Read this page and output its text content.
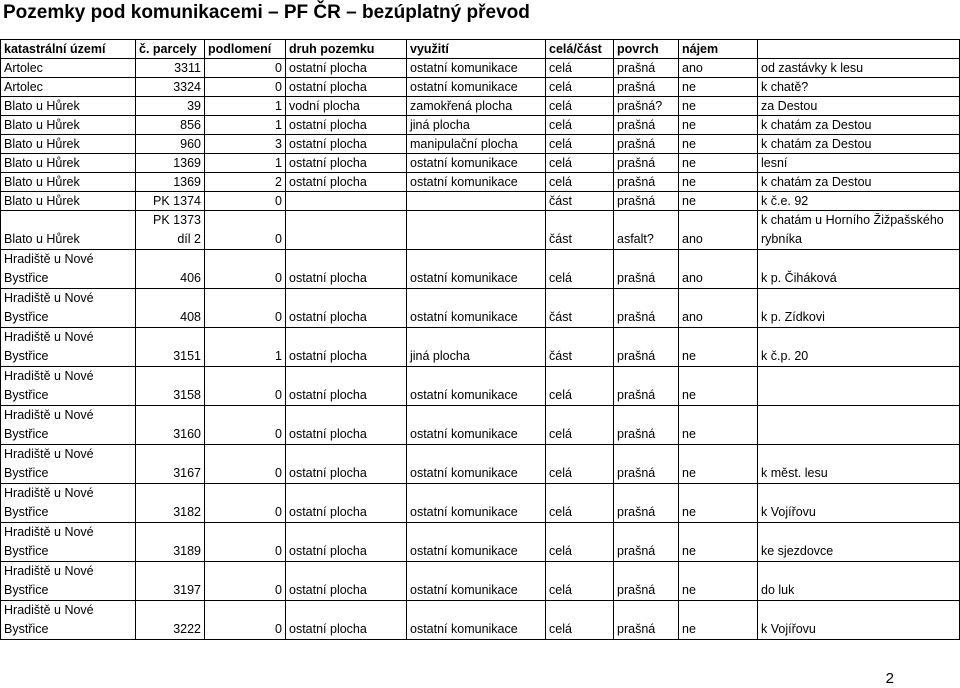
Pozemky pod komunikacemi – PF ČR – bezúplatný převod
katastrální území	č. parcely	podlomení	druh pozemku	využití	celá/část	povrch	nájem	
Artolec	3311	0	ostatní plocha	ostatní komunikace	celá	prašná	ano	od zastávky k lesu
Artolec	3324	0	ostatní plocha	ostatní komunikace	celá	prašná	ne	k chatě?
Blato u Hůrek	39	1	vodní plocha	zamokřená plocha	celá	prašná?	ne	za Destou
Blato u Hůrek	856	1	ostatní plocha	jiná plocha	celá	prašná	ne	k chatám za Destou
Blato u Hůrek	960	3	ostatní plocha	manipulační plocha	celá	prašná	ne	k chatám za Destou
Blato u Hůrek	1369	1	ostatní plocha	ostatní komunikace	celá	prašná	ne	lesní
Blato u Hůrek	1369	2	ostatní plocha	ostatní komunikace	celá	prašná	ne	k chatám za Destou
Blato u Hůrek	PK 1374	0			část	prašná	ne	k č.e. 92
Blato u Hůrek	PK 1373 díl 2	0			část	asfalt?	ano	k chatám u Horního Žižpašského rybníka
Hradiště u Nové Bystřice	406	0	ostatní plocha	ostatní komunikace	celá	prašná	ano	k p. Čiháková
Hradiště u Nové Bystřice	408	0	ostatní plocha	ostatní komunikace	část	prašná	ano	k p. Zídkovi
Hradiště u Nové Bystřice	3151	1	ostatní plocha	jiná plocha	část	prašná	ne	k č.p. 20
Hradiště u Nové Bystřice	3158	0	ostatní plocha	ostatní komunikace	celá	prašná	ne	
Hradiště u Nové Bystřice	3160	0	ostatní plocha	ostatní komunikace	celá	prašná	ne	
Hradiště u Nové Bystřice	3167	0	ostatní plocha	ostatní komunikace	celá	prašná	ne	k měst. lesu
Hradiště u Nové Bystřice	3182	0	ostatní plocha	ostatní komunikace	celá	prašná	ne	k Vojířovu
Hradiště u Nové Bystřice	3189	0	ostatní plocha	ostatní komunikace	celá	prašná	ne	ke sjezdovce
Hradiště u Nové Bystřice	3197	0	ostatní plocha	ostatní komunikace	celá	prašná	ne	do luk
Hradiště u Nové Bystřice	3222	0	ostatní plocha	ostatní komunikace	celá	prašná	ne	k Vojířovu
2
